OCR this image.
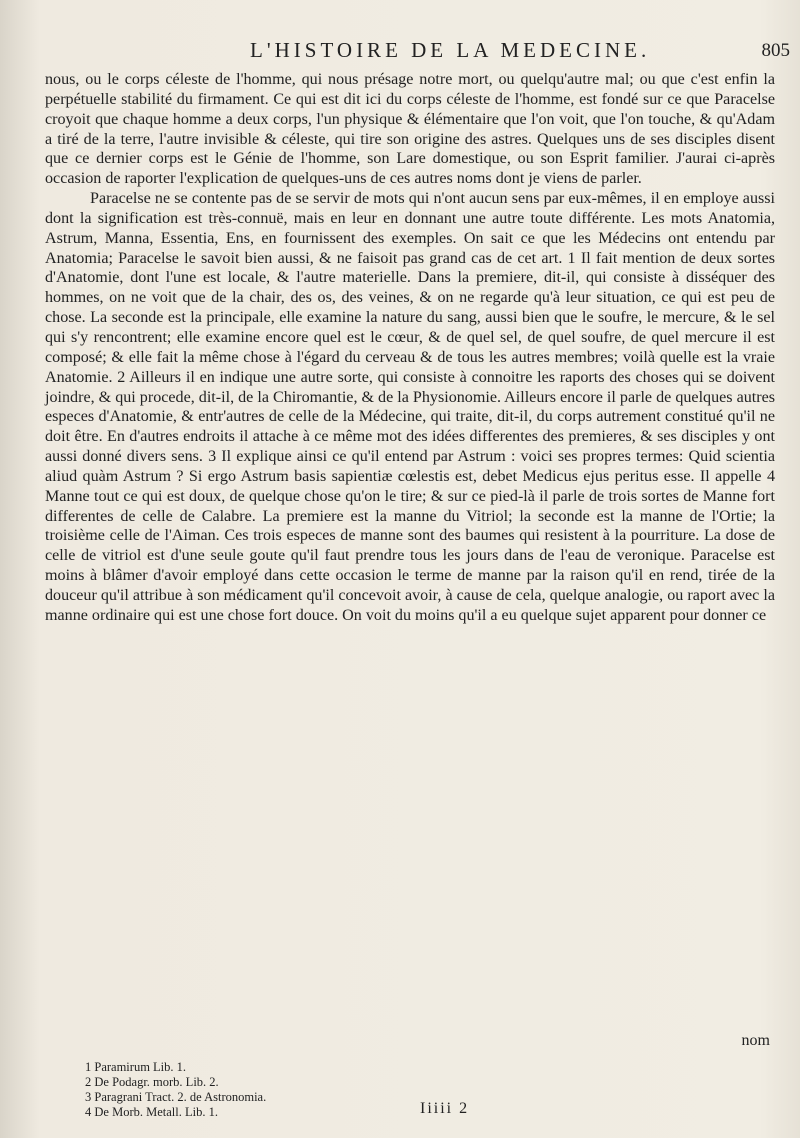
L'HISTOIRE DE LA MEDECINE.	805

nous, ou le corps céleste de l'homme, qui nous présage notre mort, ou quelqu'autre mal; ou que c'est enfin la perpétuelle stabilité du firmament. Ce qui est dit ici du corps céleste de l'homme, est fondé sur ce que Paracelse croyoit que chaque homme a deux corps, l'un physique & élémentaire que l'on voit, que l'on touche, & qu'Adam a tiré de la terre, l'autre invisible & céleste, qui tire son origine des astres. Quelques uns de ses disciples disent que ce dernier corps est le Génie de l'homme, son Lare domestique, ou son Esprit familier. J'aurai ci-après occasion de raporter l'explication de quelques-uns de ces autres noms dont je viens de parler.

Paracelse ne se contente pas de se servir de mots qui n'ont aucun sens par eux-mêmes, il en employe aussi dont la signification est très-connuë, mais en leur en donnant une autre toute différente. Les mots Anatomia, Astrum, Manna, Essentia, Ens, en fournissent des exemples. On sait ce que les Médecins ont entendu par Anatomia; Paracelse le savoit bien aussi, & ne faisoit pas grand cas de cet art. 1 Il fait mention de deux sortes d'Anatomie, dont l'une est locale, & l'autre materielle. Dans la premiere, dit-il, qui consiste à disséquer des hommes, on ne voit que de la chair, des os, des veines, & on ne regarde qu'à leur situation, ce qui est peu de chose. La seconde est la principale, elle examine la nature du sang, aussi bien que le soufre, le mercure, & le sel qui s'y rencontrent; elle examine encore quel est le cœur, & de quel sel, de quel soufre, de quel mercure il est composé; & elle fait la même chose à l'égard du cerveau & de tous les autres membres; voilà quelle est la vraie Anatomie. 2 Ailleurs il en indique une autre sorte, qui consiste à connoitre les raports des choses qui se doivent joindre, & qui procede, dit-il, de la Chiromantie, & de la Physionomie. Ailleurs encore il parle de quelques autres especes d'Anatomie, & entr'autres de celle de la Médecine, qui traite, dit-il, du corps autrement constitué qu'il ne doit être. En d'autres endroits il attache à ce même mot des idées differentes des premieres, & ses disciples y ont aussi donné divers sens. 3 Il explique ainsi ce qu'il entend par Astrum : voici ses propres termes: Quid scientia aliud quàm Astrum ? Si ergo Astrum basis sapientiæ cœlestis est, debet Medicus ejus peritus esse. Il appelle 4 Manne tout ce qui est doux, de quelque chose qu'on le tire; & sur ce pied-là il parle de trois sortes de Manne fort differentes de celle de Calabre. La premiere est la manne du Vitriol; la seconde est la manne de l'Ortie; la troisième celle de l'Aiman. Ces trois especes de manne sont des baumes qui resistent à la pourriture. La dose de celle de vitriol est d'une seule goute qu'il faut prendre tous les jours dans de l'eau de veronique. Paracelse est moins à blâmer d'avoir employé dans cette occasion le terme de manne par la raison qu'il en rend, tirée de la douceur qu'il attribue à son médicament qu'il concevoit avoir, à cause de cela, quelque analogie, ou raport avec la manne ordinaire qui est une chose fort douce. On voit du moins qu'il a eu quelque sujet apparent pour donner ce

nom
1 Paramirum Lib. 1.
2 De Podagr. morb. Lib. 2.
3 Paragrani Tract. 2. de Astronomia.
4 De Morb. Metall. Lib. 1.	Iiiii 2
